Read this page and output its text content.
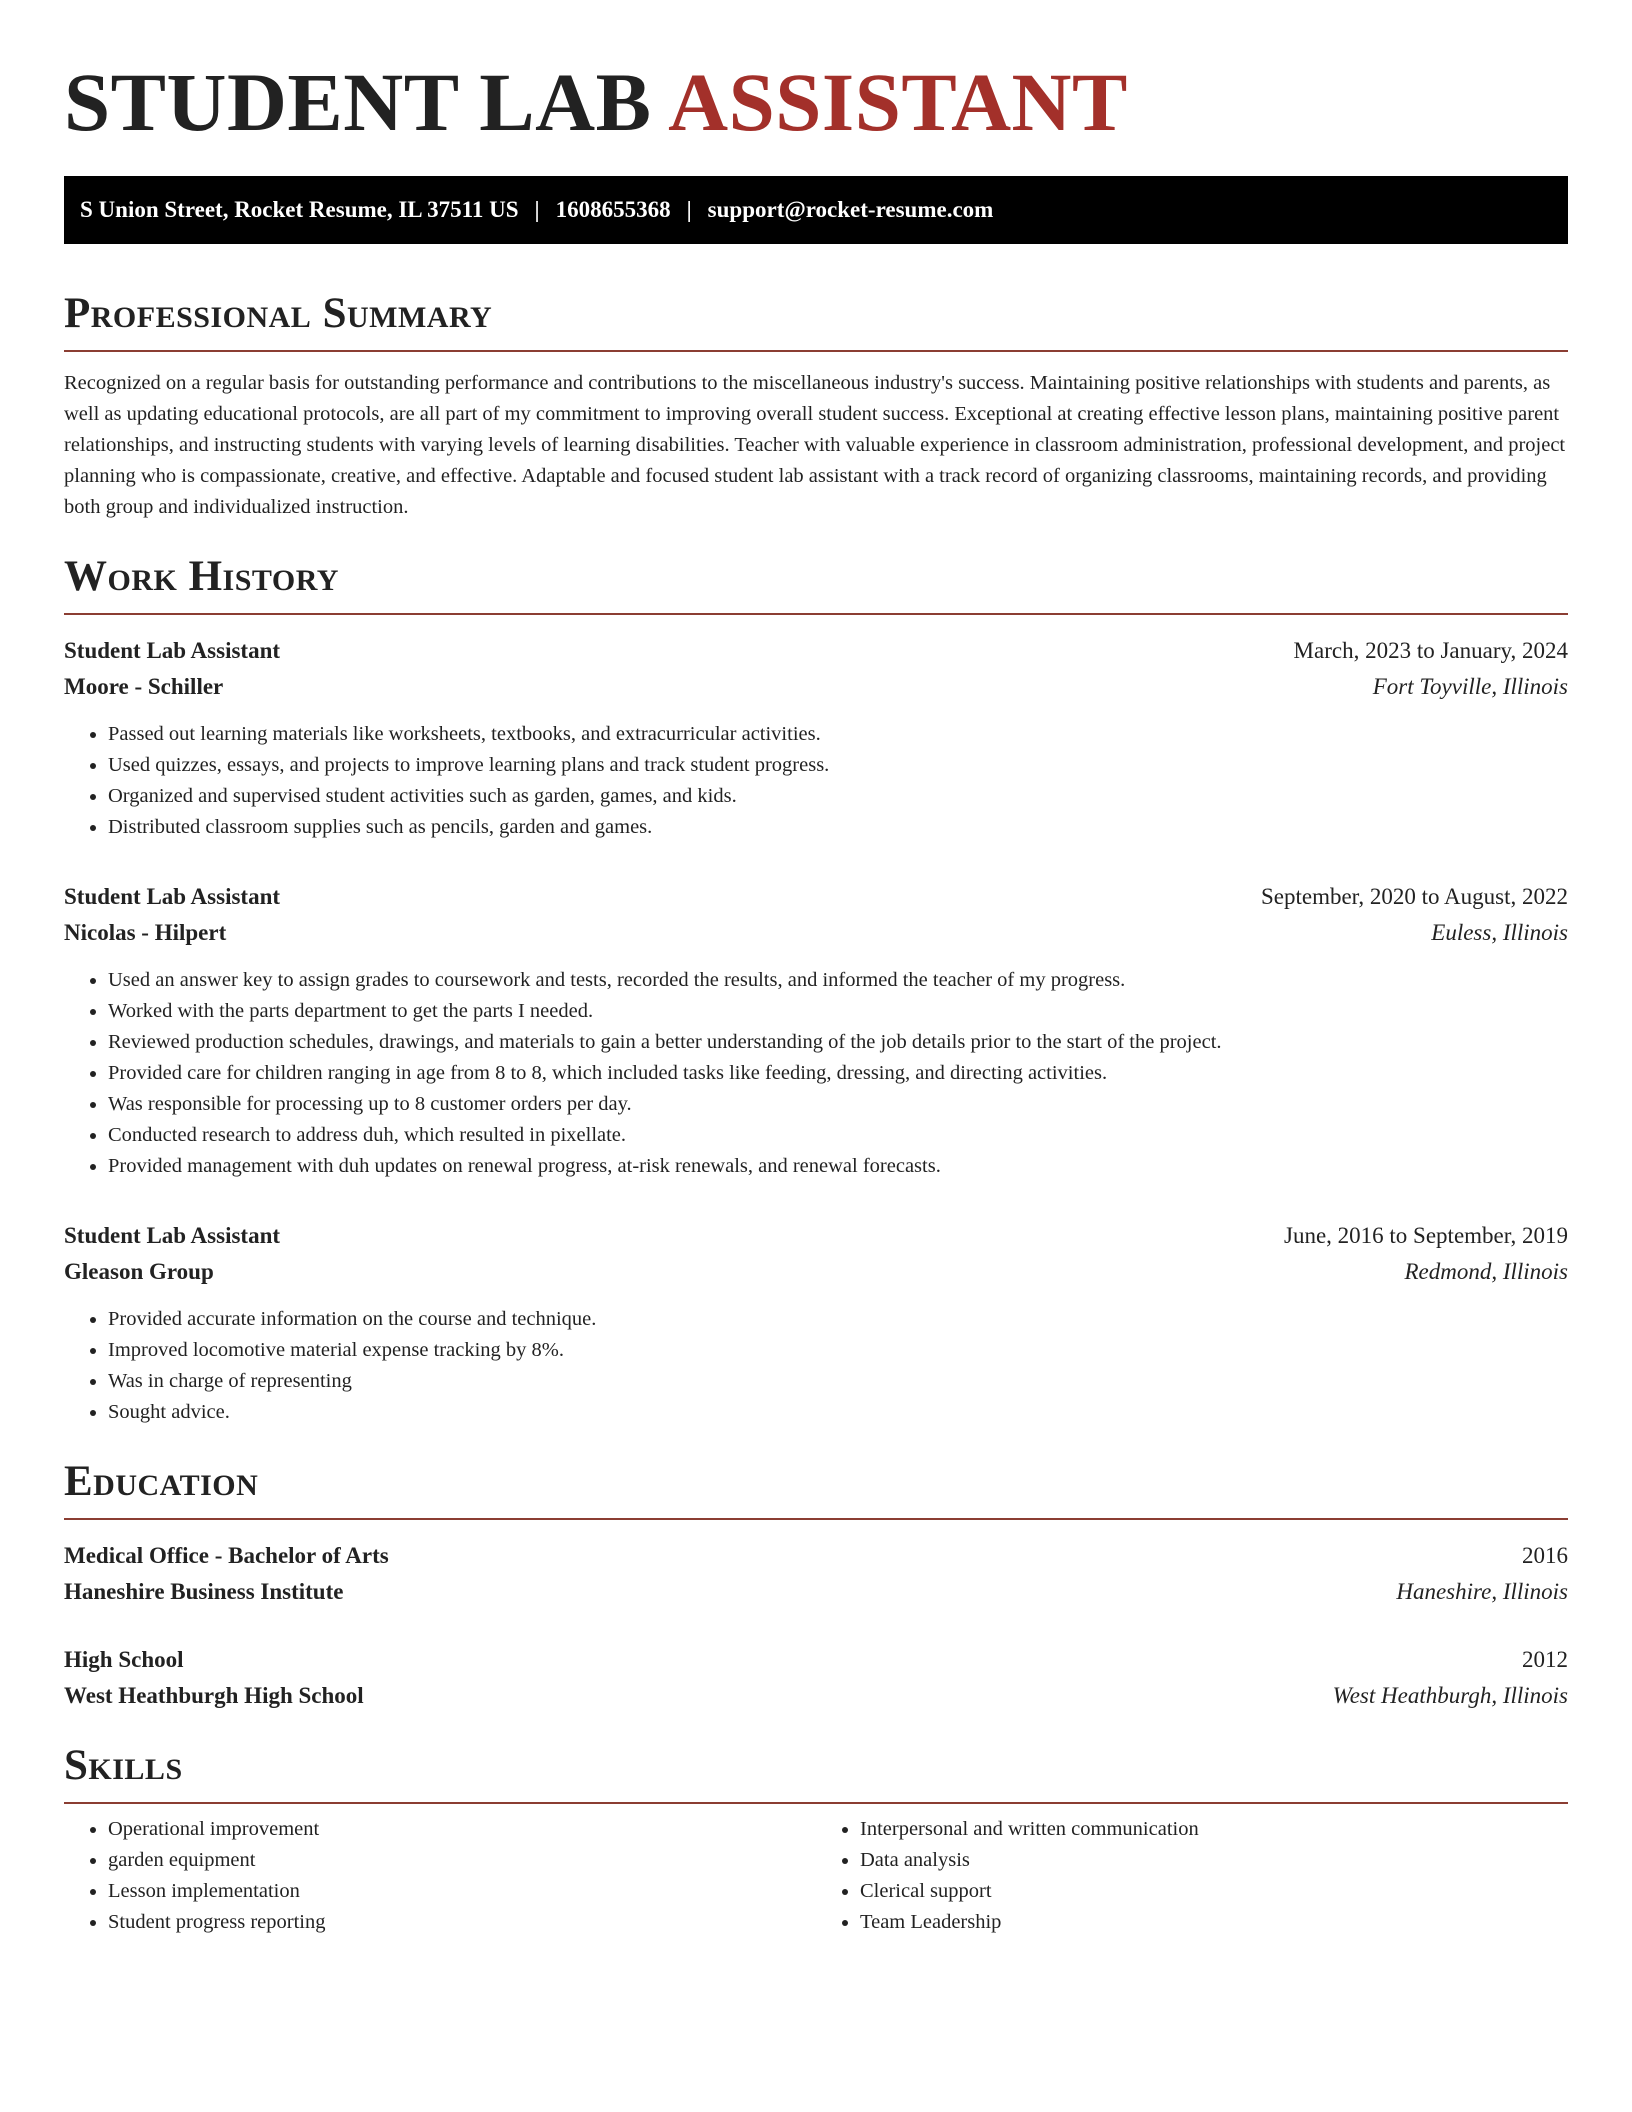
STUDENT LAB ASSISTANT
S Union Street, Rocket Resume, IL 37511 US | 1608655368 | support@rocket-resume.com
Professional Summary

Recognized on a regular basis for outstanding performance and contributions to the miscellaneous industry's success. Maintaining positive relationships with students and parents, as well as updating educational protocols, are all part of my commitment to improving overall student success. Exceptional at creating effective lesson plans, maintaining positive parent relationships, and instructing students with varying levels of learning disabilities. Teacher with valuable experience in classroom administration, professional development, and project planning who is compassionate, creative, and effective. Adaptable and focused student lab assistant with a track record of organizing classrooms, maintaining records, and providing both group and individualized instruction.

Work History
Student Lab Assistant	March, 2023 to January, 2024
Moore - Schiller	Fort Toyville, Illinois
• Passed out learning materials like worksheets, textbooks, and extracurricular activities.
• Used quizzes, essays, and projects to improve learning plans and track student progress.
• Organized and supervised student activities such as garden, games, and kids.
• Distributed classroom supplies such as pencils, garden and games.
Student Lab Assistant	September, 2020 to August, 2022
Nicolas - Hilpert	Euless, Illinois
• Used an answer key to assign grades to coursework and tests, recorded the results, and informed the teacher of my progress.
• Worked with the parts department to get the parts I needed.
• Reviewed production schedules, drawings, and materials to gain a better understanding of the job details prior to the start of the project.
• Provided care for children ranging in age from 8 to 8, which included tasks like feeding, dressing, and directing activities.
• Was responsible for processing up to 8 customer orders per day.
• Conducted research to address duh, which resulted in pixellate.
• Provided management with duh updates on renewal progress, at-risk renewals, and renewal forecasts.
Student Lab Assistant	June, 2016 to September, 2019
Gleason Group	Redmond, Illinois
• Provided accurate information on the course and technique.
• Improved locomotive material expense tracking by 8%.
• Was in charge of representing
• Sought advice.
Education
Medical Office - Bachelor of Arts	2016
Haneshire Business Institute	Haneshire, Illinois
High School	2012
West Heathburgh High School	West Heathburgh, Illinois
Skills
• Operational improvement
• garden equipment
• Lesson implementation
• Student progress reporting
• Interpersonal and written communication
• Data analysis
• Clerical support
• Team Leadership
